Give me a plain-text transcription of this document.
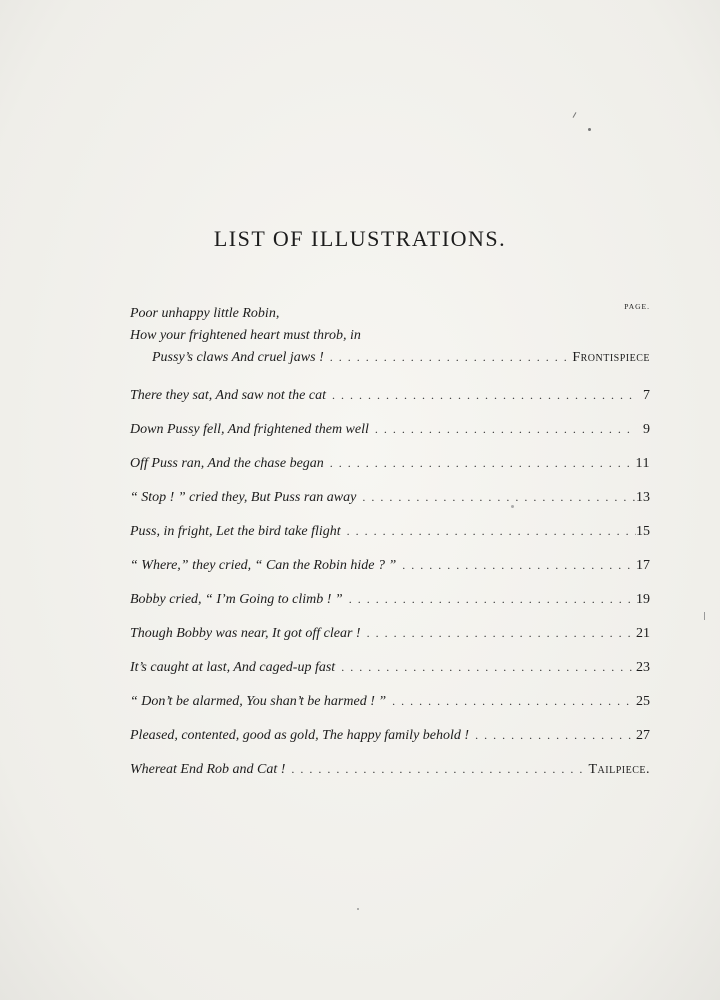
LIST OF ILLUSTRATIONS.
PAGE.
Poor unhappy little Robin,
How your frightened heart must throb, in
Pussy’s claws And cruel jaws ! . . .	Frontispiece
There they sat, And saw not the cat . . .	7
Down Pussy fell, And frightened them well . . .	9
Off Puss ran, And the chase began . . .	11
“ Stop ! ” cried they, But Puss ran away . . .	13
Puss, in fright, Let the bird take flight . . .	15
“ Where,” they cried, “ Can the Robin hide ? ” . . .	17
Bobby cried, “ I’m Going to climb ! ” . . .	19
Though Bobby was near, It got off clear ! . . .	21
It’s caught at last, And caged-up fast . . .	23
“ Don’t be alarmed, You shan’t be harmed ! ” . . .	25
Pleased, contented, good as gold, The happy family behold ! . . .	27
Whereat End Rob and Cat ! . . .	Tailpiece.
